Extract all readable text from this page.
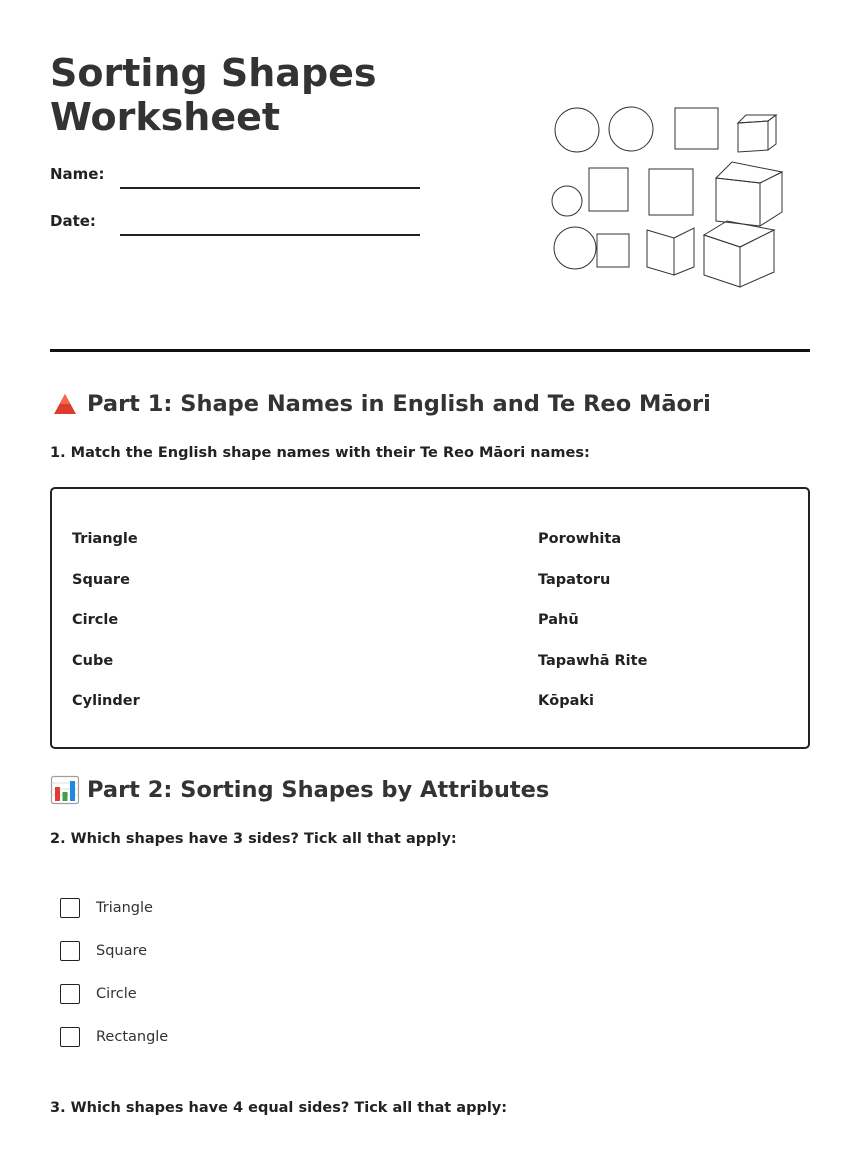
Sorting Shapes
Worksheet
Name:
Date:
Part 1: Shape Names in English and Te Reo Māori
1. Match the English shape names with their Te Reo Māori names:
Triangle
Square
Circle
Cube
Cylinder
Porowhita
Tapatoru
Pahū
Tapawhā Rite
Kōpaki
Part 2: Sorting Shapes by Attributes
2. Which shapes have 3 sides? Tick all that apply:
Triangle
Square
Circle
Rectangle
3. Which shapes have 4 equal sides? Tick all that apply:
